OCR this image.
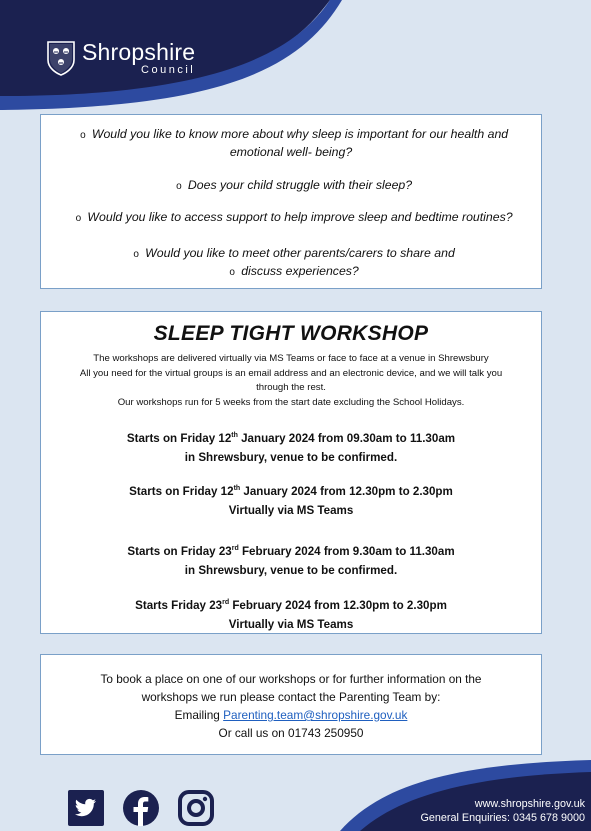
Shropshire
Council
o Would you like to know more about why sleep is important for our health and
emotional well- being?
o Does your child struggle with their sleep?
o Would you like to access support to help improve sleep and bedtime routines?
o Would you like to meet other parents/carers to share and
o discuss experiences?
SLEEP TIGHT WORKSHOP
The workshops are delivered virtually via MS Teams or face to face at a venue in Shrewsbury
All you need for the virtual groups is an email address and an electronic device, and we will talk you
through the rest.
Our workshops run for 5 weeks from the start date excluding the School Holidays.
Starts on Friday 12th January 2024 from 09.30am to 11.30am
in Shrewsbury, venue to be confirmed.
Starts on Friday 12th January 2024 from 12.30pm to 2.30pm
Virtually via MS Teams
Starts on Friday 23rd February 2024 from 9.30am to 11.30am
in Shrewsbury, venue to be confirmed.
Starts Friday 23rd February 2024 from 12.30pm to 2.30pm
Virtually via MS Teams
To book a place on one of our workshops or for further information on the
workshops we run please contact the Parenting Team by:
Emailing Parenting.team@shropshire.gov.uk
Or call us on 01743 250950
www.shropshire.gov.uk
General Enquiries: 0345 678 9000
